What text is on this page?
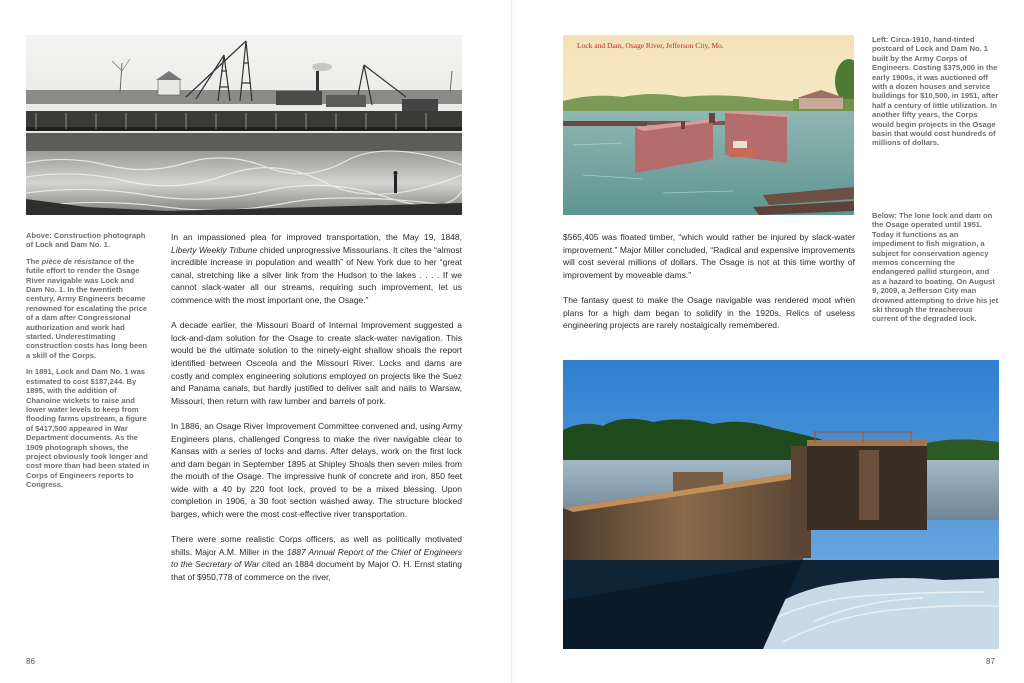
Above: Construction photograph of Lock and Dam No. 1.

The pièce de résistance of the futile effort to render the Osage River navigable was Lock and Dam No. 1. In the twentieth century, Army Engineers became renowned for escalating the price of a dam after Congressional authorization and work had started. Underestimating construction costs has long been a skill of the Corps.

In 1891, Lock and Dam No. 1 was estimated to cost $187,244. By 1895, with the addition of Chanoine wickets to raise and lower water levels to keep from flooding farms upstream, a figure of $417,500 appeared in War Department documents. As the 1909 photograph shows, the project obviously took longer and cost more than had been stated in Corps of Engineers reports to Congress.

In an impassioned plea for improved transportation, the May 19, 1848, Liberty Weekly Tribune chided unprogressive Missourians. It cites the “almost incredible increase in population and wealth” of New York due to her “great canal, stretching like a silver link from the Hudson to the lakes . . . . If we cannot slack-water all our streams, requiring such improvement, let us commence with the most important one, the Osage.”

A decade earlier, the Missouri Board of Internal Improvement suggested a lock-and-dam solution for the Osage to create slack-water navigation. This would be the ultimate solution to the ninety-eight shallow shoals the report identified between Osceola and the Missouri River. Locks and dams are costly and complex engineering solutions employed on projects like the Suez and Panama canals, but hardly justified to deliver salt and nails to Warsaw, Missouri, then return with raw lumber and barrels of pork.

In 1886, an Osage River Improvement Committee convened and, using Army Engineers plans, challenged Congress to make the river navigable clear to Kansas with a series of locks and dams. After delays, work on the first lock and dam began in September 1895 at Shipley Shoals then seven miles from the mouth of the Osage. The impressive hunk of concrete and iron, 850 feet wide with a 40 by 220 foot lock, proved to be a mixed blessing. Upon completion in 1906, a 30 foot section washed away. The structure blocked barges, which were the most cost-effective river transportation.

There were some realistic Corps officers, as well as politically motivated shills. Major A.M. Miller in the 1887 Annual Report of the Chief of Engineers to the Secretary of War cited an 1884 document by Major O. H. Ernst stating that of $950,778 of commerce on the river,

86
Lock and Dam, Osage River, Jefferson City, Mo.

Left: Circa-1910, hand-tinted postcard of Lock and Dam No. 1 built by the Army Corps of Engineers. Costing $375,000 in the early 1900s, it was auctioned off with a dozen houses and service buildings for $10,500, in 1951, after half a century of little utilization. In another fifty years, the Corps would begin projects in the Osage basin that would cost hundreds of millions of dollars.

Below: The lone lock and dam on the Osage operated until 1951. Today it functions as an impediment to fish migration, a subject for conservation agency memos concerning the endangered pallid sturgeon, and as a hazard to boating. On August 9, 2009, a Jefferson City man drowned attempting to drive his jet ski through the treacherous current of the degraded lock.

$565,405 was floated timber, “which would rather be injured by slack-water improvement.” Major Miller concluded, “Radical and expensive improvements will cost several millions of dollars. The Osage is not at this time worthy of improvement by moveable dams.”

The fantasy quest to make the Osage navigable was rendered moot when plans for a high dam began to solidify in the 1920s. Relics of useless engineering projects are rarely nostalgically remembered.

87
